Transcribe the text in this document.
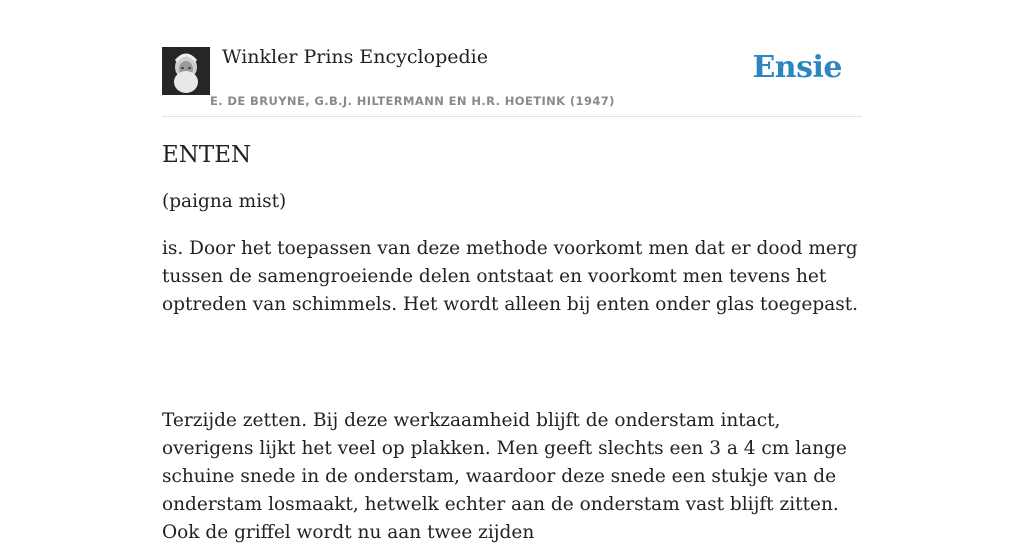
Winkler Prins Encyclopedie
E. DE BRUYNE, G.B.J. HILTERMANN EN H.R. HOETINK (1947)
Ensie
ENTEN

(paigna mist)

is. Door het toepassen van deze methode voorkomt men dat er dood merg tussen de samengroeiende delen ontstaat en voorkomt men tevens het optreden van schimmels. Het wordt alleen bij enten onder glas toegepast.

Terzijde zetten. Bij deze werkzaamheid blijft de onderstam intact, overigens lijkt het veel op plakken. Men geeft slechts een 3 a 4 cm lange schuine snede in de onderstam, waardoor deze snede een stukje van de onderstam losmaakt, hetwelk echter aan de onderstam vast blijft zitten. Ook de griffel wordt nu aan twee zijden
